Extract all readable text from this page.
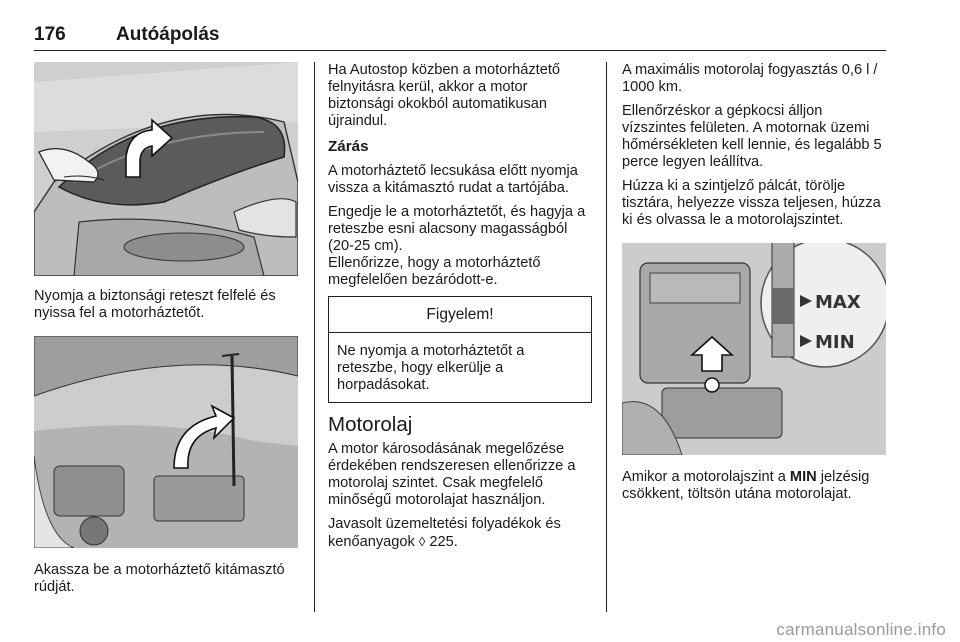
176	Autóápolás

Nyomja a biztonsági reteszt felfelé és nyissa fel a motorháztetőt.

Akassza be a motorháztető kitámasztó rúdját.

Ha Autostop közben a motorháztető felnyitásra kerül, akkor a motor biztonsági okokból automatikusan újraindul.

Zárás

A motorháztető lecsukása előtt nyomja vissza a kitámasztó rudat a tartójába.

Engedje le a motorháztetőt, és hagyja a reteszbe esni alacsony magasságból (20-25 cm).
Ellenőrizze, hogy a motorháztető megfelelően bezáródott-e.

Figyelem!

Ne nyomja a motorháztetőt a reteszbe, hogy elkerülje a horpadásokat.

Motorolaj

A motor károsodásának megelőzése érdekében rendszeresen ellenőrizze a motorolaj szintet. Csak megfelelő minőségű motorolajat használjon.

Javasolt üzemeltetési folyadékok és kenőanyagok ◊ 225.

A maximális motorolaj fogyasztás 0,6 l / 1000 km.

Ellenőrzéskor a gépkocsi álljon vízszintes felületen. A motornak üzemi hőmérsékleten kell lennie, és legalább 5 perce legyen leállítva.

Húzza ki a szintjelző pálcát, törölje tisztára, helyezze vissza teljesen, húzza ki és olvassa le a motorolajszintet.

MAX
MIN

Amikor a motorolajszint a MIN jelzésig csökkent, töltsön utána motorolajat.

carmanualsonline.info
